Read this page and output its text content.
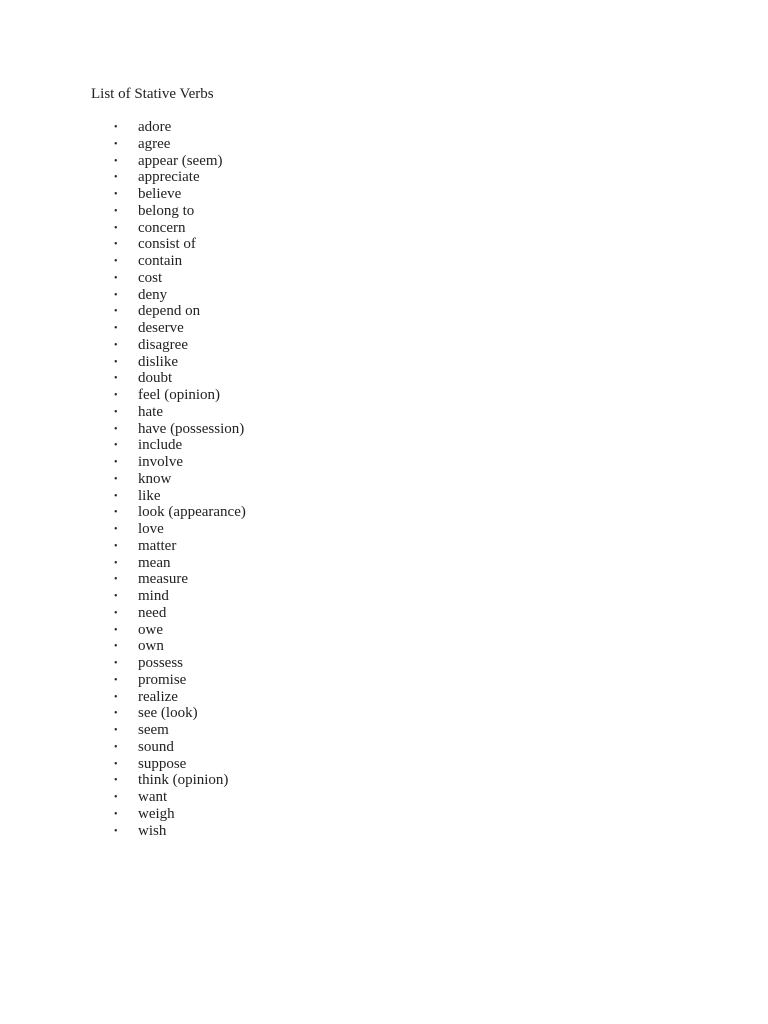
List of Stative Verbs
• adore
• agree
• appear (seem)
• appreciate
• believe
• belong to
• concern
• consist of
• contain
• cost
• deny
• depend on
• deserve
• disagree
• dislike
• doubt
• feel (opinion)
• hate
• have (possession)
• include
• involve
• know
• like
• look (appearance)
• love
• matter
• mean
• measure
• mind
• need
• owe
• own
• possess
• promise
• realize
• see (look)
• seem
• sound
• suppose
• think (opinion)
• want
• weigh
• wish
